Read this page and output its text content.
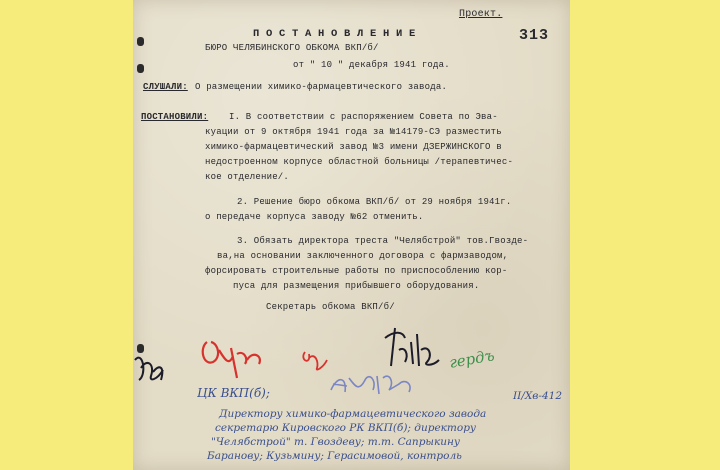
Проект.
313
П О С Т А Н О В Л Е Н И Е
БЮРО ЧЕЛЯБИНСКОГО ОБКОМА ВКП/б/
от " 10 " декабря 1941 года.
СЛУШАЛИ: О размещении химико-фармацевтического завода.
ПОСТАНОВИЛИ: I. В соответствии с распоряжением Совета по Эва-
куации от 9 октября 1941 года за №14179-СЭ разместить
химико-фармацевтический завод №3 имени ДЗЕРЖИНСКОГО в
недостроенном корпусе областной больницы /терапевтичес-
кое отделение/.
2. Решение бюро обкома ВКП/б/ от 29 ноября 1941г.
о передаче корпуса заводу №62 отменить.
3. Обязать директора треста "Челябстрой" тов.Гвозде-
ва,на основании заключенного договора с фармзаводом,
форсировать строительные работы по приспособлению кор-
пуса для размещения прибывшего оборудования.
Секретарь обкома ВКП/б/
гердъ
ЦК ВКП(б);	II/Хв-412
Директору химико-фармацевтического завода
секретарю Кировского РК ВКП(б); директору
"Челябстрой" т. Гвоздеву; т.т. Сапрыкину
Баранову; Кузьмину; Герасимовой, контроль
